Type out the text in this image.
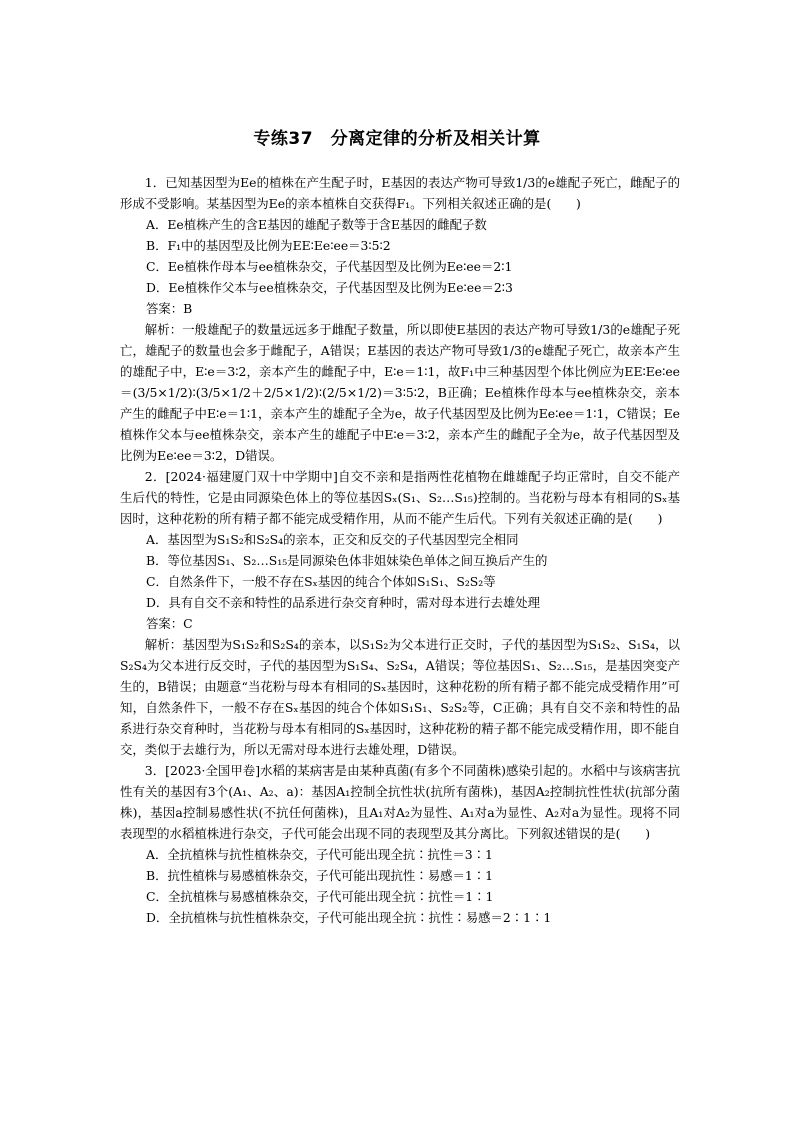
专练37　分离定律的分析及相关计算

1．已知基因型为Ee的植株在产生配子时，E基因的表达产物可导致1/3的e雄配子死亡，雌配子的形成不受影响。某基因型为Ee的亲本植株自交获得F₁。下列相关叙述正确的是(　　)

A．Ee植株产生的含E基因的雄配子数等于含E基因的雌配子数

B．F₁中的基因型及比例为EE∶Ee∶ee＝3∶5∶2

C．Ee植株作母本与ee植株杂交，子代基因型及比例为Ee∶ee＝2∶1

D．Ee植株作父本与ee植株杂交，子代基因型及比例为Ee∶ee＝2∶3

答案：B

解析：一般雄配子的数量远远多于雌配子数量，所以即使E基因的表达产物可导致1/3的e雄配子死亡，雄配子的数量也会多于雌配子，A错误；E基因的表达产物可导致1/3的e雄配子死亡，故亲本产生的雄配子中，E∶e＝3∶2，亲本产生的雌配子中，E∶e＝1∶1，故F₁中三种基因型个体比例应为EE∶Ee∶ee＝(3/5×1/2)∶(3/5×1/2＋2/5×1/2)∶(2/5×1/2)＝3∶5∶2，B正确；Ee植株作母本与ee植株杂交，亲本产生的雌配子中E∶e＝1∶1，亲本产生的雄配子全为e，故子代基因型及比例为Ee∶ee＝1∶1，C错误；Ee植株作父本与ee植株杂交，亲本产生的雄配子中E∶e＝3∶2，亲本产生的雌配子全为e，故子代基因型及比例为Ee∶ee＝3∶2，D错误。

2．[2024·福建厦门双十中学期中]自交不亲和是指两性花植物在雌雄配子均正常时，自交不能产生后代的特性，它是由同源染色体上的等位基因Sₓ(S₁、S₂…S₁₅)控制的。当花粉与母本有相同的Sₓ基因时，这种花粉的所有精子都不能完成受精作用，从而不能产生后代。下列有关叙述正确的是(　　)

A．基因型为S₁S₂和S₂S₄的亲本，正交和反交的子代基因型完全相同

B．等位基因S₁、S₂…S₁₅是同源染色体非姐妹染色单体之间互换后产生的

C．自然条件下，一般不存在Sₓ基因的纯合个体如S₁S₁、S₂S₂等

D．具有自交不亲和特性的品系进行杂交育种时，需对母本进行去雄处理

答案：C

解析：基因型为S₁S₂和S₂S₄的亲本，以S₁S₂为父本进行正交时，子代的基因型为S₁S₂、S₁S₄，以S₂S₄为父本进行反交时，子代的基因型为S₁S₄、S₂S₄，A错误；等位基因S₁、S₂…S₁₅，是基因突变产生的，B错误；由题意“当花粉与母本有相同的Sₓ基因时，这种花粉的所有精子都不能完成受精作用”可知，自然条件下，一般不存在Sₓ基因的纯合个体如S₁S₁、S₂S₂等，C正确；具有自交不亲和特性的品系进行杂交育种时，当花粉与母本有相同的Sₓ基因时，这种花粉的精子都不能完成受精作用，即不能自交，类似于去雄行为，所以无需对母本进行去雄处理，D错误。

3．[2023·全国甲卷]水稻的某病害是由某种真菌(有多个不同菌株)感染引起的。水稻中与该病害抗性有关的基因有3个(A₁、A₂、a)：基因A₁控制全抗性状(抗所有菌株)，基因A₂控制抗性性状(抗部分菌株)，基因a控制易感性状(不抗任何菌株)，且A₁对A₂为显性、A₁对a为显性、A₂对a为显性。现将不同表现型的水稻植株进行杂交，子代可能会出现不同的表现型及其分离比。下列叙述错误的是(　　)

A．全抗植株与抗性植株杂交，子代可能出现全抗∶抗性＝3∶1

B．抗性植株与易感植株杂交，子代可能出现抗性∶易感＝1∶1

C．全抗植株与易感植株杂交，子代可能出现全抗∶抗性＝1∶1

D．全抗植株与抗性植株杂交，子代可能出现全抗∶抗性∶易感＝2∶1∶1
